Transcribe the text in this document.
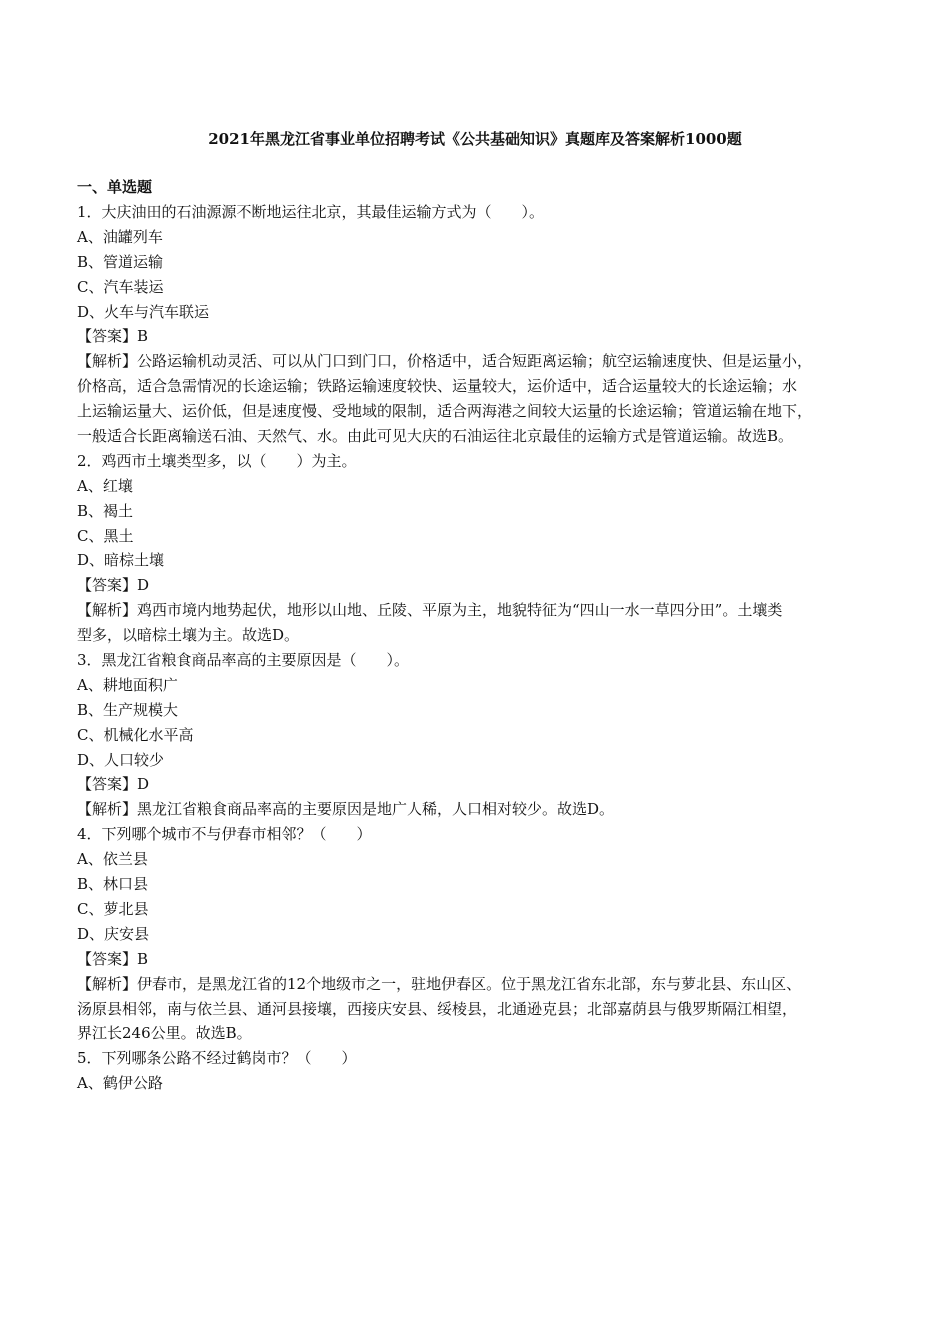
2021年黑龙江省事业单位招聘考试《公共基础知识》真题库及答案解析1000题
一、单选题
1．大庆油田的石油源源不断地运往北京，其最佳运输方式为（　　）。
A、油罐列车
B、管道运输
C、汽车装运
D、火车与汽车联运
【答案】B
【解析】公路运输机动灵活、可以从门口到门口，价格适中，适合短距离运输；航空运输速度快、但是运量小，
价格高，适合急需情况的长途运输；铁路运输速度较快、运量较大，运价适中，适合运量较大的长途运输；水
上运输运量大、运价低，但是速度慢、受地域的限制，适合两海港之间较大运量的长途运输；管道运输在地下，
一般适合长距离输送石油、天然气、水。由此可见大庆的石油运往北京最佳的运输方式是管道运输。故选B。
2．鸡西市土壤类型多，以（　　）为主。
A、红壤
B、褐土
C、黑土
D、暗棕土壤
【答案】D
【解析】鸡西市境内地势起伏，地形以山地、丘陵、平原为主，地貌特征为“四山一水一草四分田”。土壤类
型多，以暗棕土壤为主。故选D。
3．黑龙江省粮食商品率高的主要原因是（　　）。
A、耕地面积广
B、生产规模大
C、机械化水平高
D、人口较少
【答案】D
【解析】黑龙江省粮食商品率高的主要原因是地广人稀，人口相对较少。故选D。
4．下列哪个城市不与伊春市相邻？（　　）
A、依兰县
B、林口县
C、萝北县
D、庆安县
【答案】B
【解析】伊春市，是黑龙江省的12个地级市之一，驻地伊春区。位于黑龙江省东北部，东与萝北县、东山区、
汤原县相邻，南与依兰县、通河县接壤，西接庆安县、绥棱县，北通逊克县；北部嘉荫县与俄罗斯隔江相望，
界江长246公里。故选B。
5．下列哪条公路不经过鹤岗市？（　　）
A、鹤伊公路
